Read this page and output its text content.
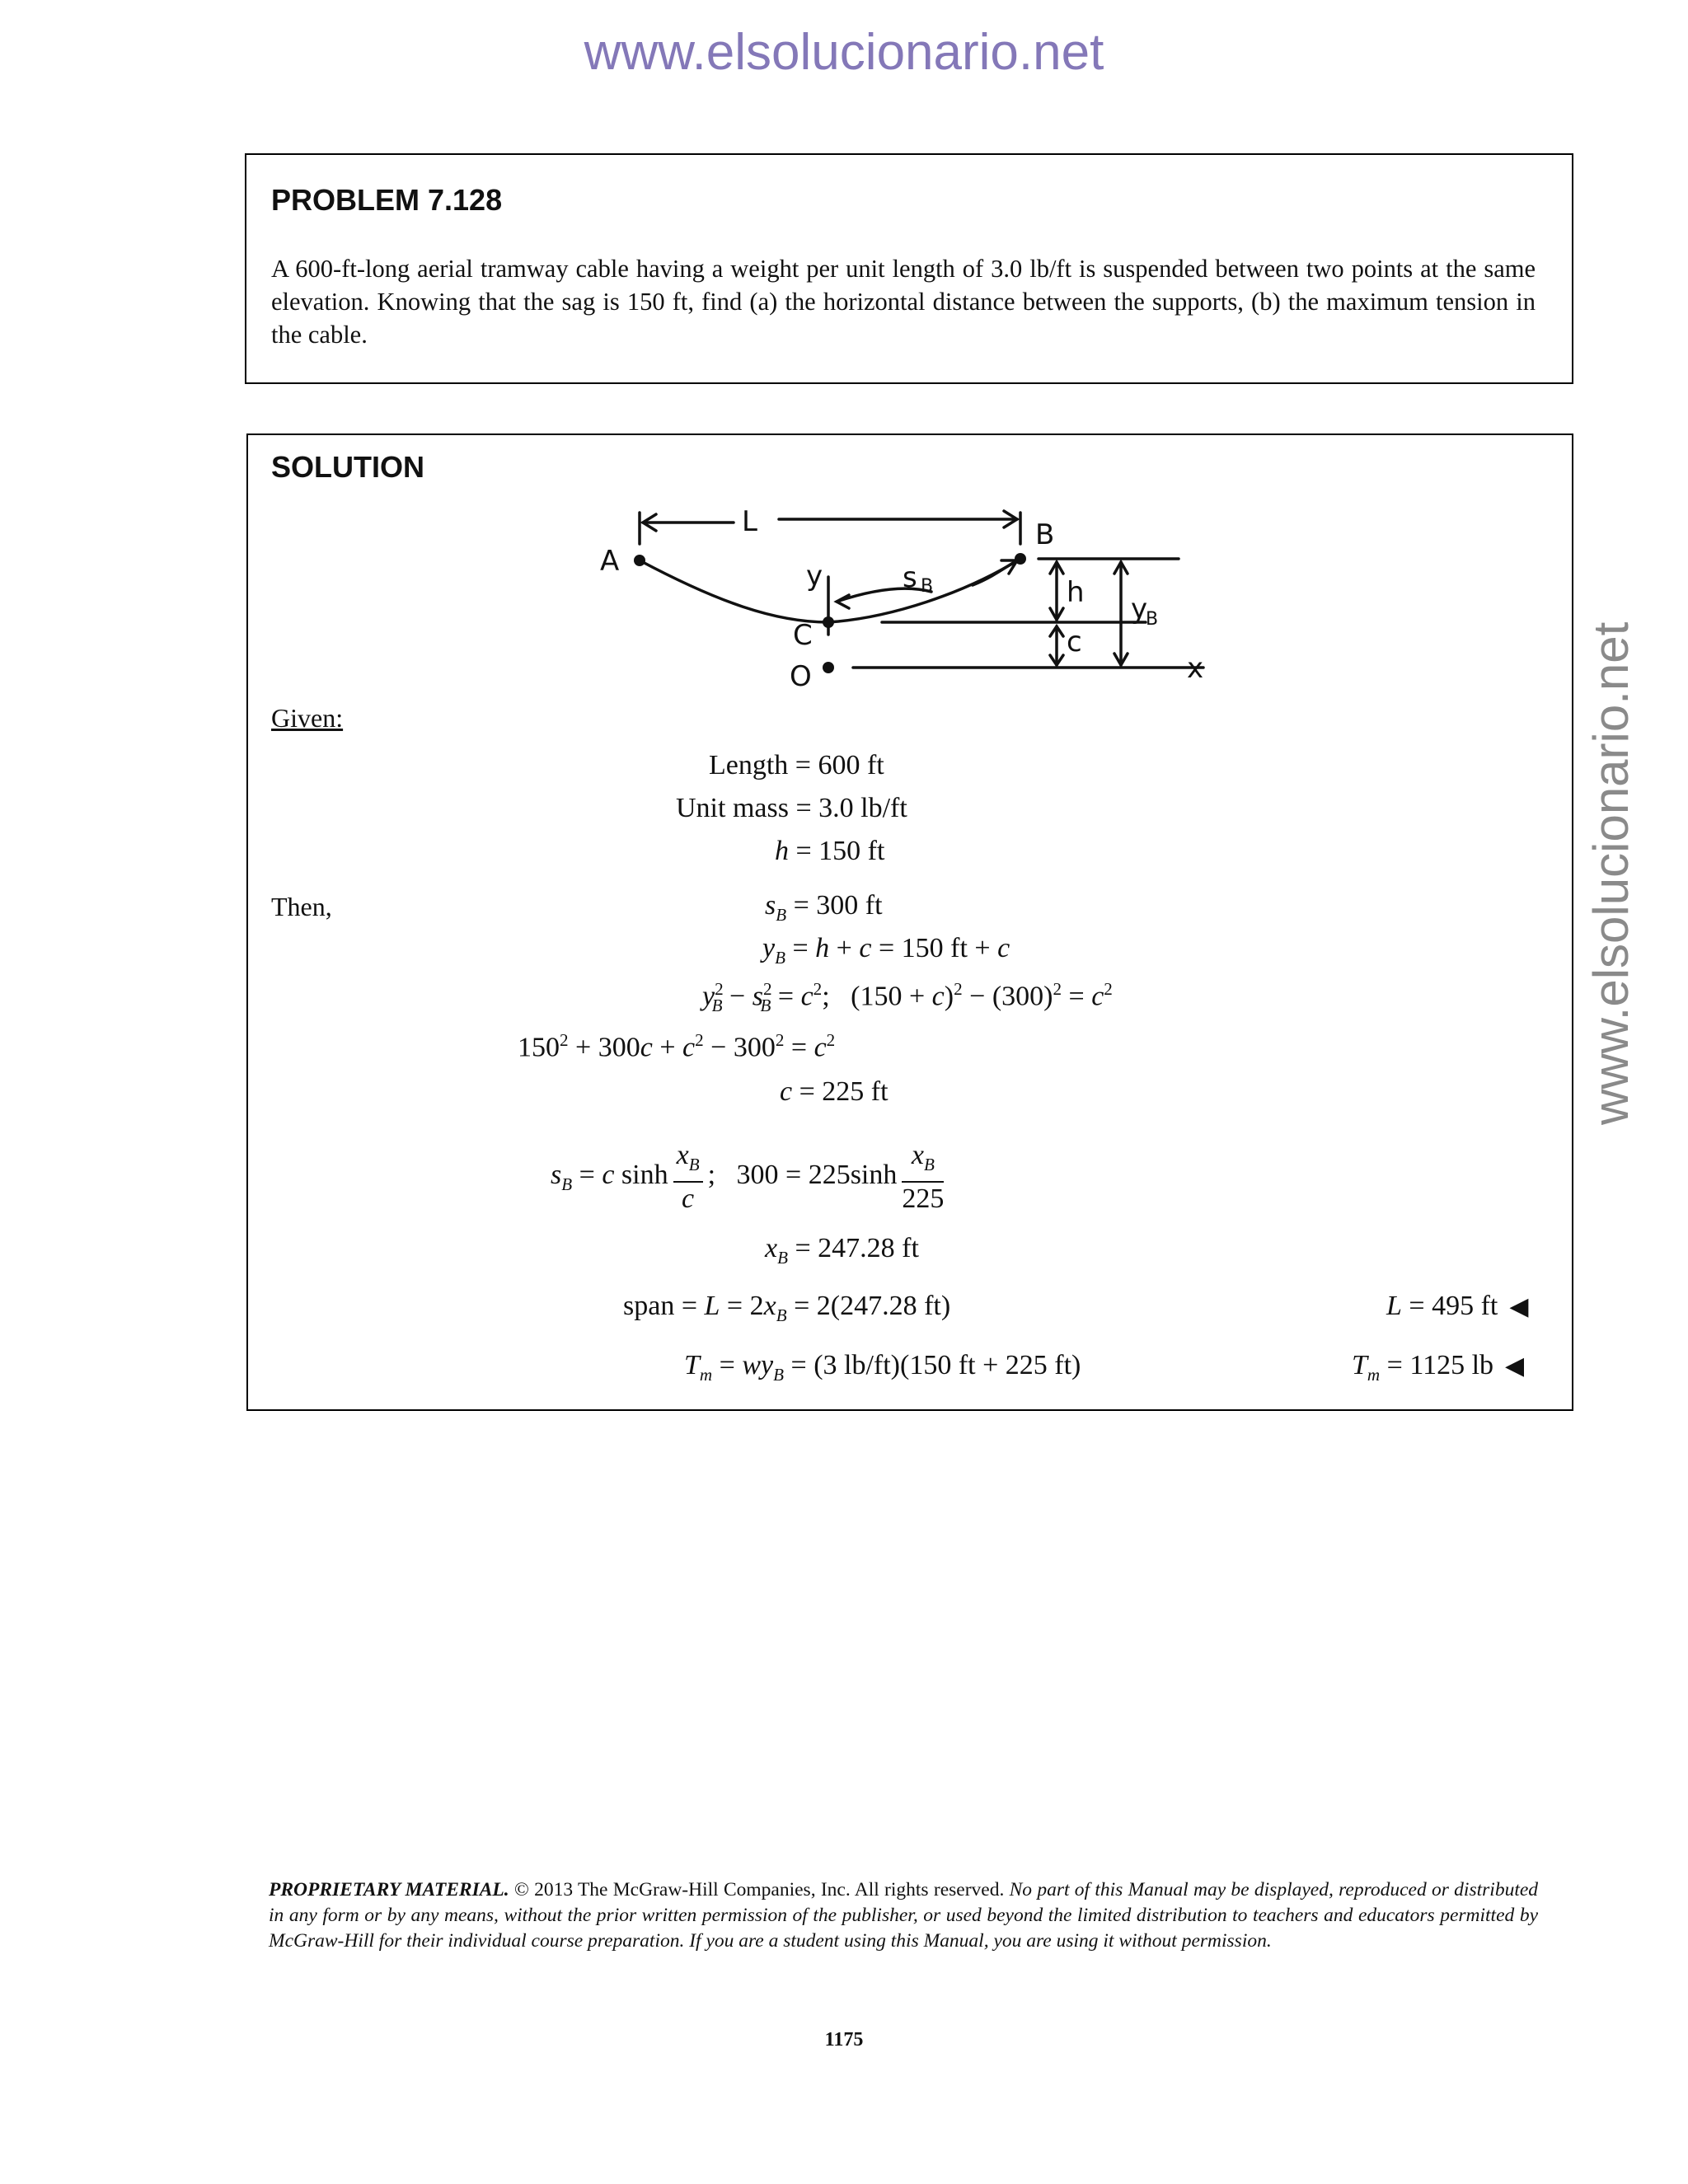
www.elsolucionario.net
www.elsolucionario.net
PROBLEM 7.128
A 600-ft-long aerial tramway cable having a weight per unit length of 3.0 lb/ft is suspended between two points at the same elevation. Knowing that the sag is 150 ft, find (a) the horizontal distance between the supports, (b) the maximum tension in the cable.
SOLUTION
A
B
C
O
L
y	s B	h
c
y
B
x
Given:
Length = 600 ft
Unit mass = 3.0 lb/ft
h = 150 ft
Then,	$s_B = 300$ ft
$y_B = h + c = 150$ ft + c
$y^2_B - s^2_B = c^2$;   $(150 + c)^2 - (300)^2 = c^2$
$150^2 + 300c + c^2 - 300^2 = c^2$
c = 225 ft
$s_B = c$ $\sinh \frac{x_B}{c}$ ;   $300 = 225\sinh \frac{x_B}{225}$
$x_B = 247.28$ ft
span = $L = 2x_B = 2(247.28$ ft)	L = 495 ft ◀
$T_m = wy_B = (3$ lb/ft)(150 ft + 225 ft)	$T_m = 1125$ lb ◀
PROPRIETARY MATERIAL. © 2013 The McGraw-Hill Companies, Inc. All rights reserved. No part of this Manual may be displayed, reproduced or distributed in any form or by any means, without the prior written permission of the publisher, or used beyond the limited distribution to teachers and educators permitted by McGraw-Hill for their individual course preparation. If you are a student using this Manual, you are using it without permission.
1175
